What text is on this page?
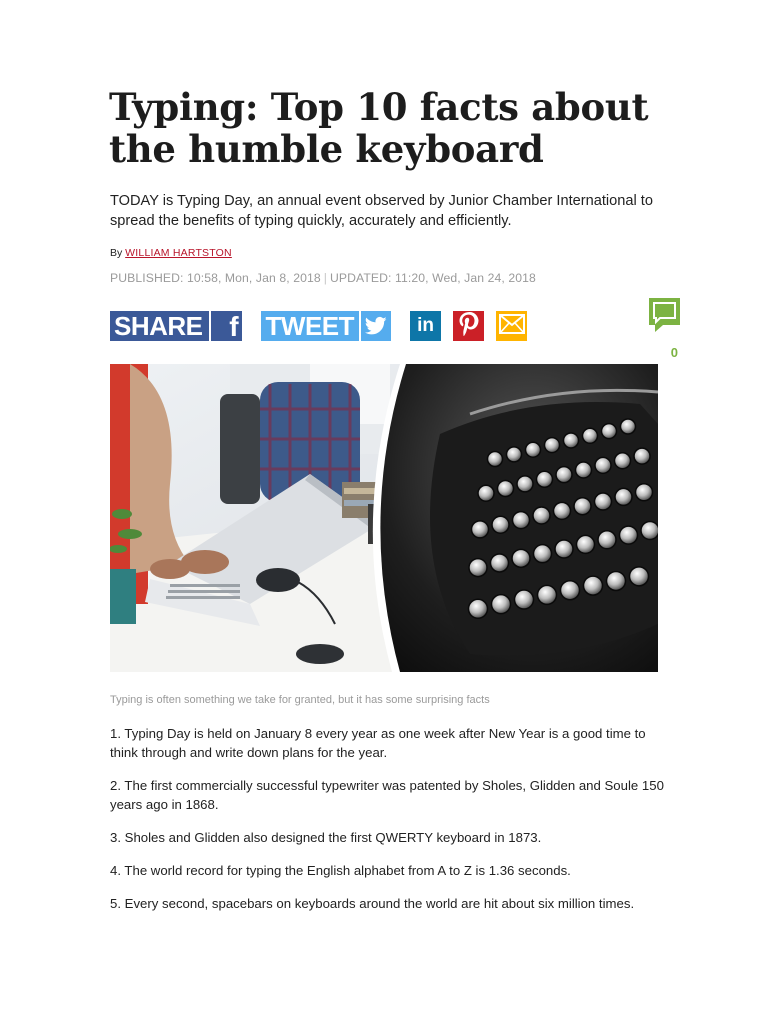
Typing: Top 10 facts about the humble keyboard

TODAY is Typing Day, an annual event observed by Junior Chamber International to spread the benefits of typing quickly, accurately and efficiently.

By WILLIAM HARTSTON
PUBLISHED: 10:58, Mon, Jan 8, 2018 | UPDATED: 11:20, Wed, Jan 24, 2018
SHARE f TWEET	in
0
Typing is often something we take for granted, but it has some surprising facts
1. Typing Day is held on January 8 every year as one week after New Year is a good time to think through and write down plans for the year.
2. The first commercially successful typewriter was patented by Sholes, Glidden and Soule 150 years ago in 1868.
3. Sholes and Glidden also designed the first QWERTY keyboard in 1873.
4. The world record for typing the English alphabet from A to Z is 1.36 seconds.
5. Every second, spacebars on keyboards around the world are hit about six million times.
